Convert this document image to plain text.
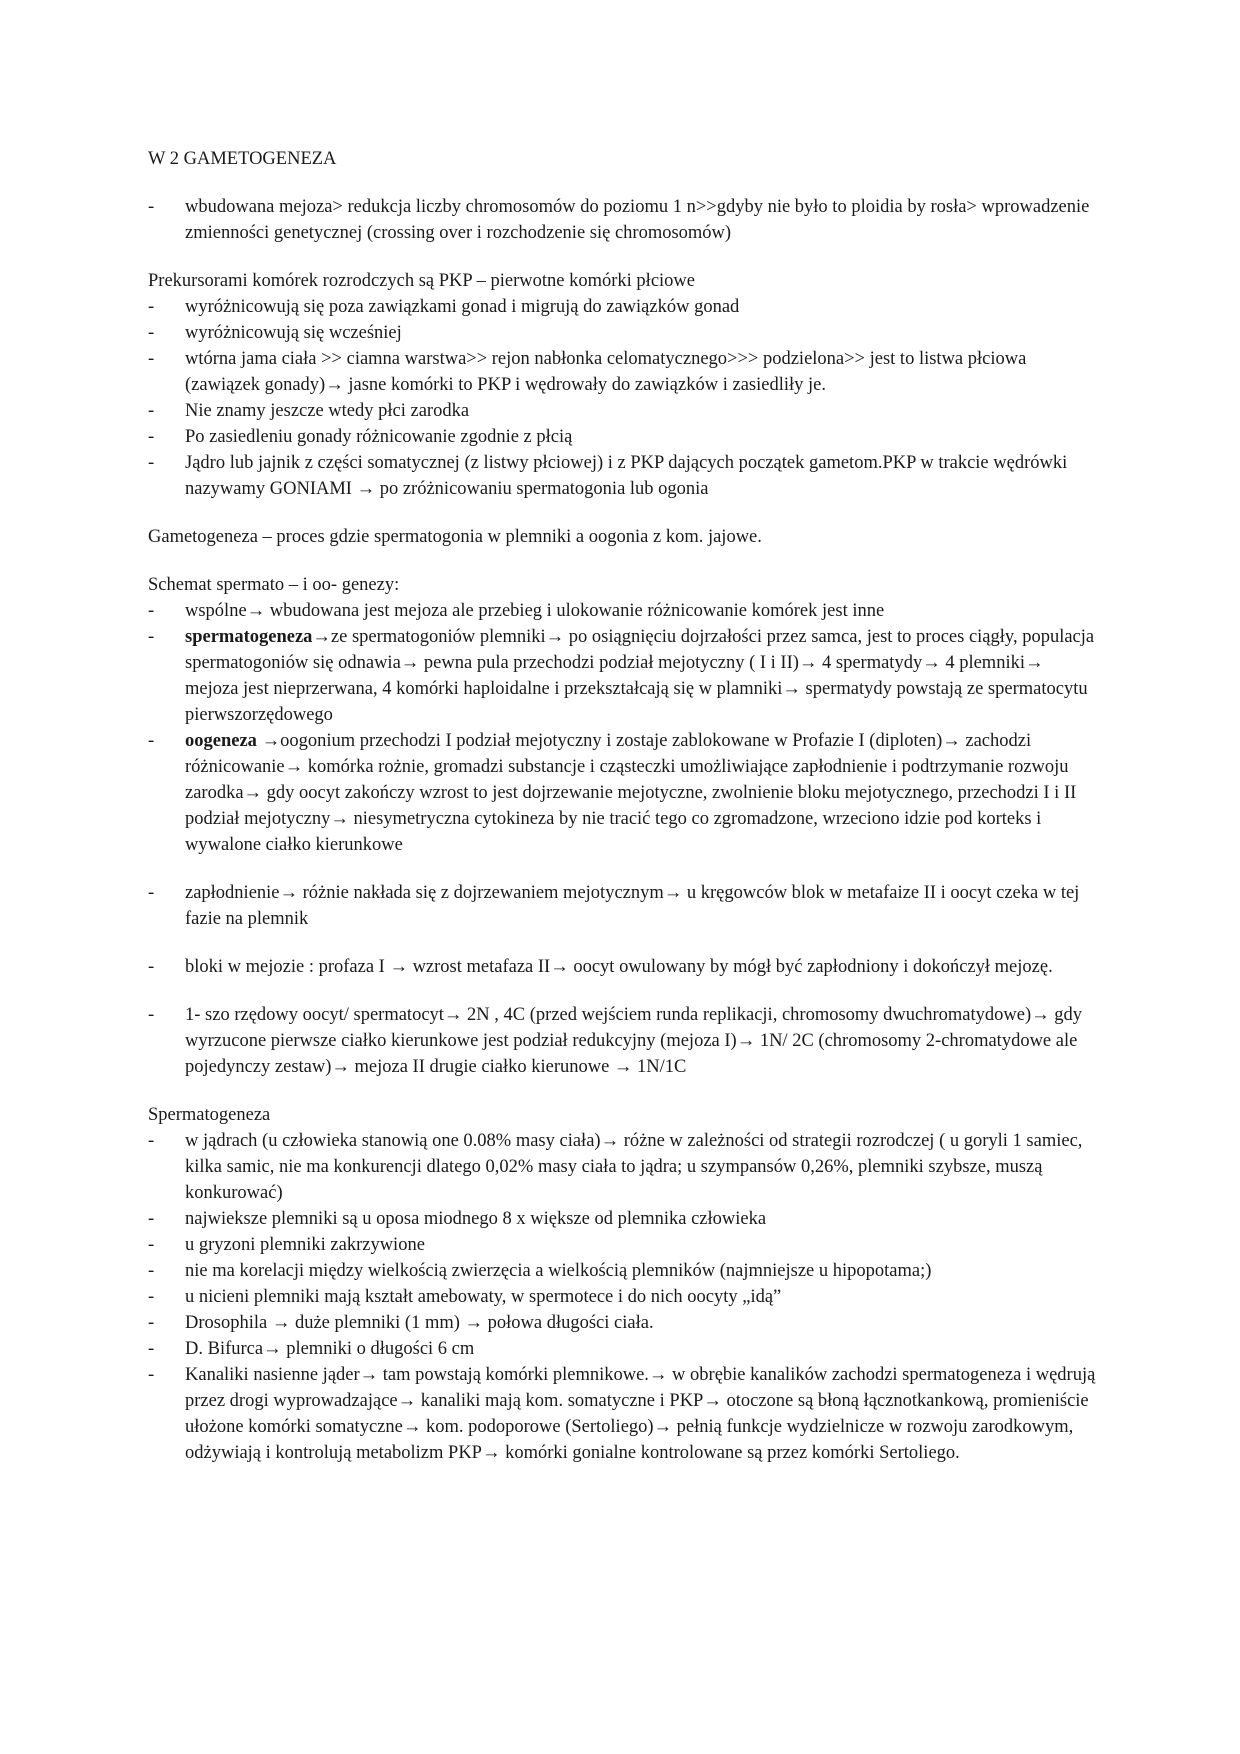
W 2 GAMETOGENEZA
- wbudowana mejoza> redukcja liczby chromosomów do poziomu 1 n>>gdyby nie było to ploidia by rosła> wprowadzenie zmienności genetycznej (crossing over i rozchodzenie się chromosomów)

Prekursorami komórek rozrodczych są PKP – pierwotne komórki płciowe

- wyróżnicowują się poza zawiązkami gonad i migrują do zawiązków gonad
- wyróżnicowują się wcześniej
- wtórna jama ciała >> ciamna warstwa>> rejon nabłonka celomatycznego>>> podzielona>> jest to listwa płciowa (zawiązek gonady)→ jasne komórki to PKP i wędrowały do zawiązków i zasiedliły je.
- Nie znamy jeszcze wtedy płci zarodka
- Po zasiedleniu gonady różnicowanie zgodnie z płcią
- Jądro lub jajnik z części somatycznej (z listwy płciowej) i z PKP dających początek gametom.PKP w trakcie wędrówki nazywamy GONIAMI → po zróżnicowaniu spermatogonia lub ogonia

Gametogeneza – proces gdzie spermatogonia w plemniki a oogonia z kom. jajowe.

Schemat spermato – i oo- genezy:

- wspólne→ wbudowana jest mejoza ale przebieg i ulokowanie różnicowanie komórek jest inne
- spermatogeneza→ze spermatogoniów plemniki→ po osiągnięciu dojrzałości przez samca, jest to proces ciągły, populacja spermatogoniów się odnawia→ pewna pula przechodzi podział mejotyczny ( I i II)→ 4 spermatydy→ 4 plemniki→ mejoza jest nieprzerwana, 4 komórki haploidalne i przekształcają się w plamniki→ spermatydy powstają ze spermatocytu pierwszorzędowego
- oogeneza →oogonium przechodzi I podział mejotyczny i zostaje zablokowane w Profazie I (diploten)→ zachodzi różnicowanie→ komórka rożnie, gromadzi substancje i cząsteczki umożliwiające zapłodnienie i podtrzymanie rozwoju zarodka→ gdy oocyt zakończy wzrost to jest dojrzewanie mejotyczne, zwolnienie bloku mejotycznego, przechodzi I i II podział mejotyczny→ niesymetryczna cytokineza by nie tracić tego co zgromadzone, wrzeciono idzie pod korteks i wywalone ciałko kierunkowe
- zapłodnienie→ różnie nakłada się z dojrzewaniem mejotycznym→ u kręgowców blok w metafaize II i oocyt czeka w tej fazie na plemnik
- bloki w mejozie : profaza I → wzrost metafaza II→ oocyt owulowany by mógł być zapłodniony i dokończył mejozę.
- 1- szo rzędowy oocyt/ spermatocyt→ 2N , 4C (przed wejściem runda replikacji, chromosomy dwuchromatydowe)→ gdy wyrzucone pierwsze ciałko kierunkowe jest podział redukcyjny (mejoza I)→ 1N/ 2C (chromosomy 2-chromatydowe ale pojedynczy zestaw)→ mejoza II drugie ciałko kierunowe → 1N/1C

Spermatogeneza

- w jądrach (u człowieka stanowią one 0.08% masy ciała)→ różne w zależności od strategii rozrodczej ( u goryli 1 samiec, kilka samic, nie ma konkurencji dlatego 0,02% masy ciała to jądra; u szympansów 0,26%, plemniki szybsze, muszą konkurować)
- najwieksze plemniki są u oposa miodnego 8 x większe od plemnika człowieka
- u gryzoni plemniki zakrzywione
- nie ma korelacji między wielkością zwierzęcia a wielkością plemników (najmniejsze u hipopotama;)
- u nicieni plemniki mają kształt amebowaty, w spermotece i do nich oocyty „idą”
- Drosophila → duże plemniki (1 mm) → połowa długości ciała.
- D. Bifurca→ plemniki o długości 6 cm
- Kanaliki nasienne jąder→ tam powstają komórki plemnikowe.→ w obrębie kanalików zachodzi spermatogeneza i wędrują przez drogi wyprowadzające→ kanaliki mają kom. somatyczne i PKP→ otoczone są błoną łącznotkankową, promieniście ułożone komórki somatyczne→ kom. podoporowe (Sertoliego)→ pełnią funkcje wydzielnicze w rozwoju zarodkowym, odżywiają i kontrolują metabolizm PKP→ komórki gonialne kontrolowane są przez komórki Sertoliego.
